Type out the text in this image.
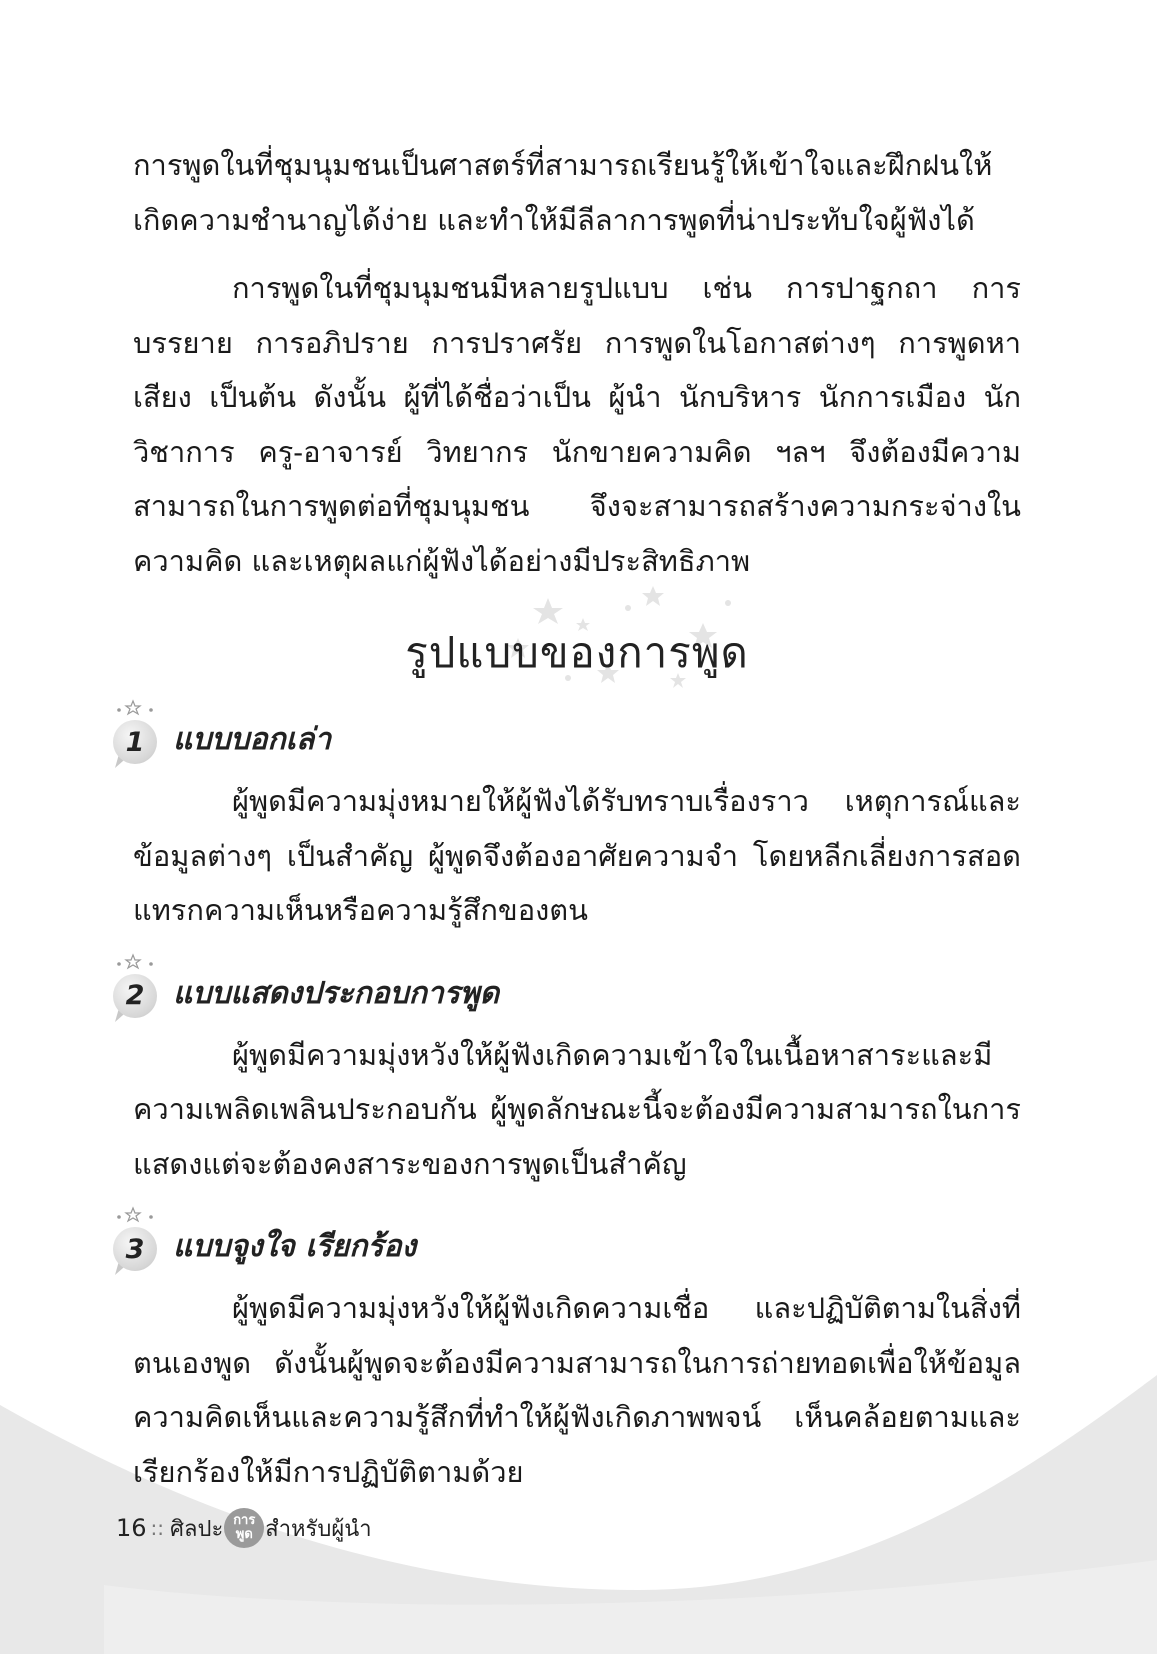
การพูดในที่ชุมนุมชนเป็นศาสตร์ที่สามารถเรียนรู้ให้เข้าใจและฝึกฝนให้เกิดความชำนาญได้ง่าย และทำให้มีลีลาการพูดที่น่าประทับใจผู้ฟังได้

การพูดในที่ชุมนุมชนมีหลายรูปแบบ เช่น การปาฐกถา การบรรยาย การอภิปราย การปราศรัย การพูดในโอกาสต่างๆ การพูดหาเสียง เป็นต้น ดังนั้น ผู้ที่ได้ชื่อว่าเป็น ผู้นำ นักบริหาร นักการเมือง นักวิชาการ ครู-อาจารย์ วิทยากร นักขายความคิด ฯลฯ จึงต้องมีความสามารถในการพูดต่อที่ชุมนุมชน จึงจะสามารถสร้างความกระจ่างในความคิด และเหตุผลแก่ผู้ฟังได้อย่างมีประสิทธิภาพ

รูปแบบของการพูด
1 แบบบอกเล่า

ผู้พูดมีความมุ่งหมายให้ผู้ฟังได้รับทราบเรื่องราว เหตุการณ์และข้อมูลต่างๆ เป็นสำคัญ ผู้พูดจึงต้องอาศัยความจำ โดยหลีกเลี่ยงการสอดแทรกความเห็นหรือความรู้สึกของตน

2 แบบแสดงประกอบการพูด

ผู้พูดมีความมุ่งหวังให้ผู้ฟังเกิดความเข้าใจในเนื้อหาสาระและมีความเพลิดเพลินประกอบกัน ผู้พูดลักษณะนี้จะต้องมีความสามารถในการแสดงแต่จะต้องคงสาระของการพูดเป็นสำคัญ

3 แบบจูงใจ เรียกร้อง

ผู้พูดมีความมุ่งหวังให้ผู้ฟังเกิดความเชื่อ และปฏิบัติตามในสิ่งที่ตนเองพูด ดังนั้นผู้พูดจะต้องมีความสามารถในการถ่ายทอดเพื่อให้ข้อมูล ความคิดเห็นและความรู้สึกที่ทำให้ผู้ฟังเกิดภาพพจน์ เห็นคล้อยตามและเรียกร้องให้มีการปฏิบัติตามด้วย

16 :: ศิลปะ การ
พูด สำหรับผู้นำ
